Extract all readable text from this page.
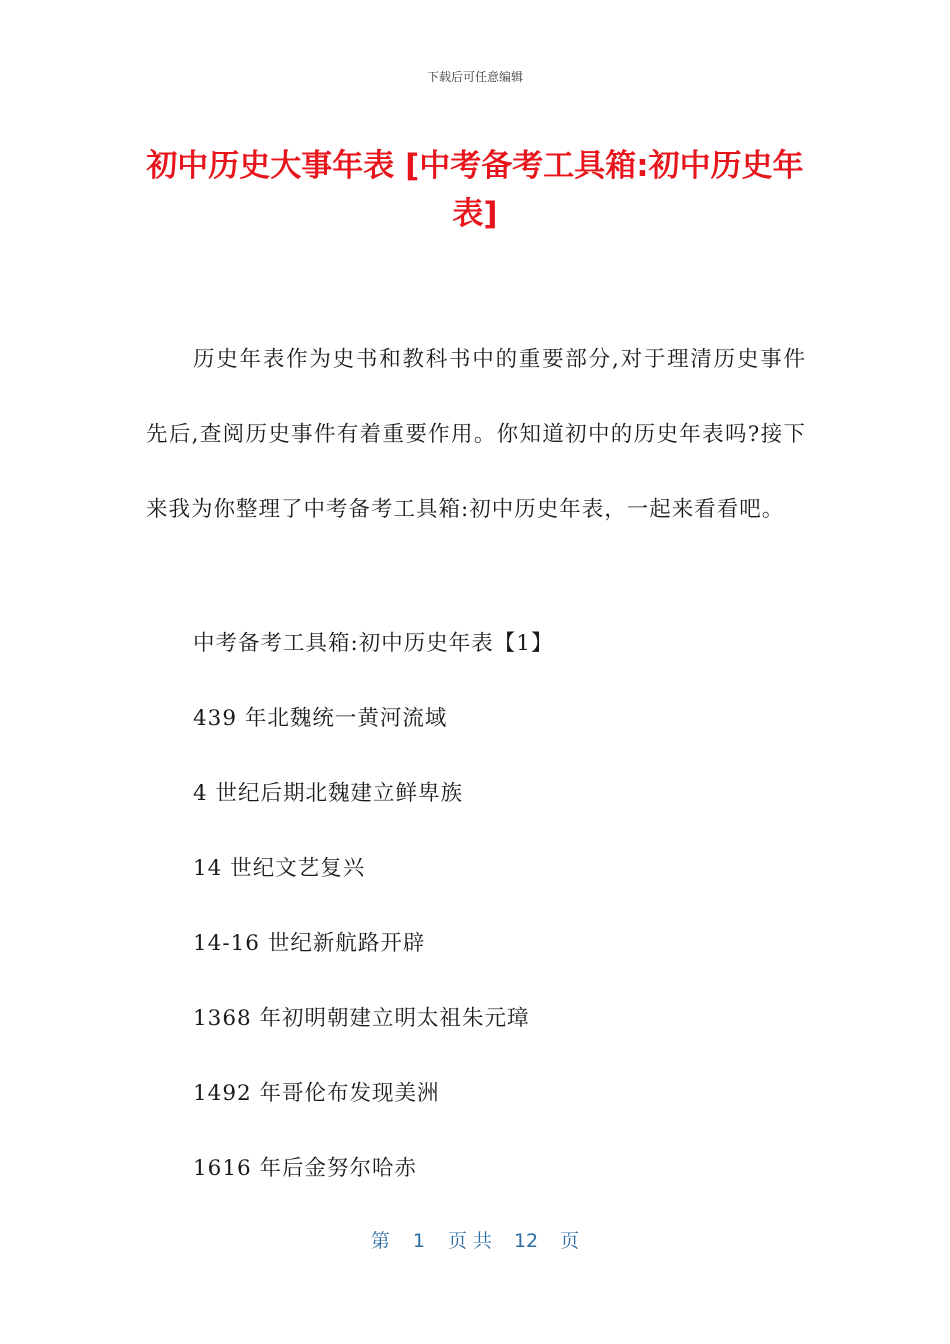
下载后可任意编辑
初中历史大事年表 [中考备考工具箱:初中历史年表]

历史年表作为史书和教科书中的重要部分,对于理清历史事件先后,查阅历史事件有着重要作用。你知道初中的历史年表吗?接下来我为你整理了中考备考工具箱:初中历史年表，一起来看看吧。

中考备考工具箱:初中历史年表【1】

439 年北魏统一黄河流域

4 世纪后期北魏建立鲜卑族

14 世纪文艺复兴

14-16 世纪新航路开辟

1368 年初明朝建立明太祖朱元璋

1492 年哥伦布发现美洲

1616 年后金努尔哈赤

第 1 页 共 12 页
